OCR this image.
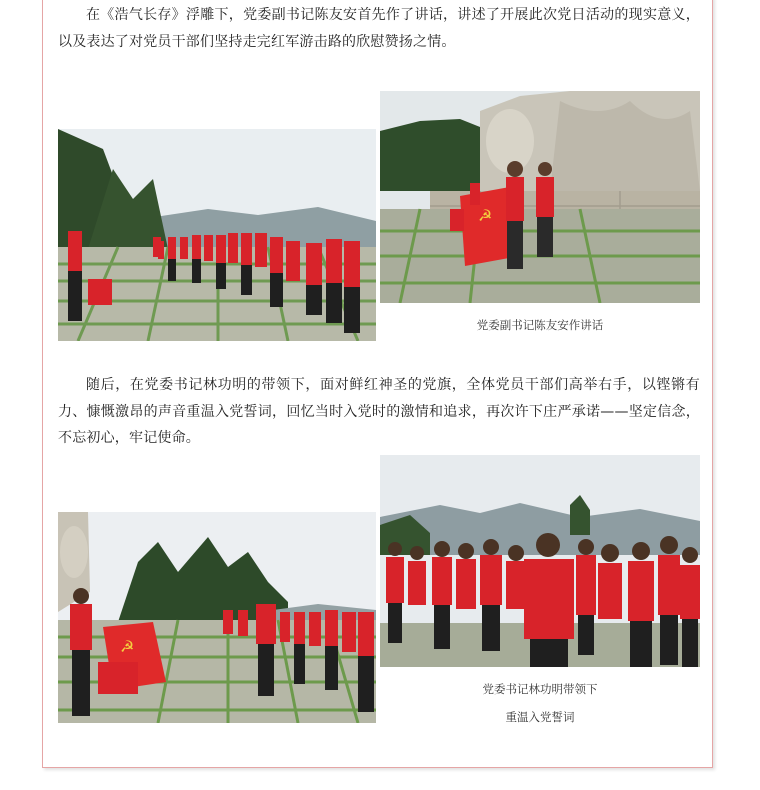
在《浩气长存》浮雕下，党委副书记陈友安首先作了讲话，讲述了开展此次党日活动的现实意义，以及表达了对党员干部们坚持走完红军游击路的欣慰赞扬之情。

☭
党委副书记陈友安作讲话

随后，在党委书记林功明的带领下，面对鲜红神圣的党旗，全体党员干部们高举右手，以铿锵有力、慷慨激昂的声音重温入党誓词，回忆当时入党时的激情和追求，再次许下庄严承诺——坚定信念，不忘初心，牢记使命。

☭
党委书记林功明带领下
重温入党誓词
